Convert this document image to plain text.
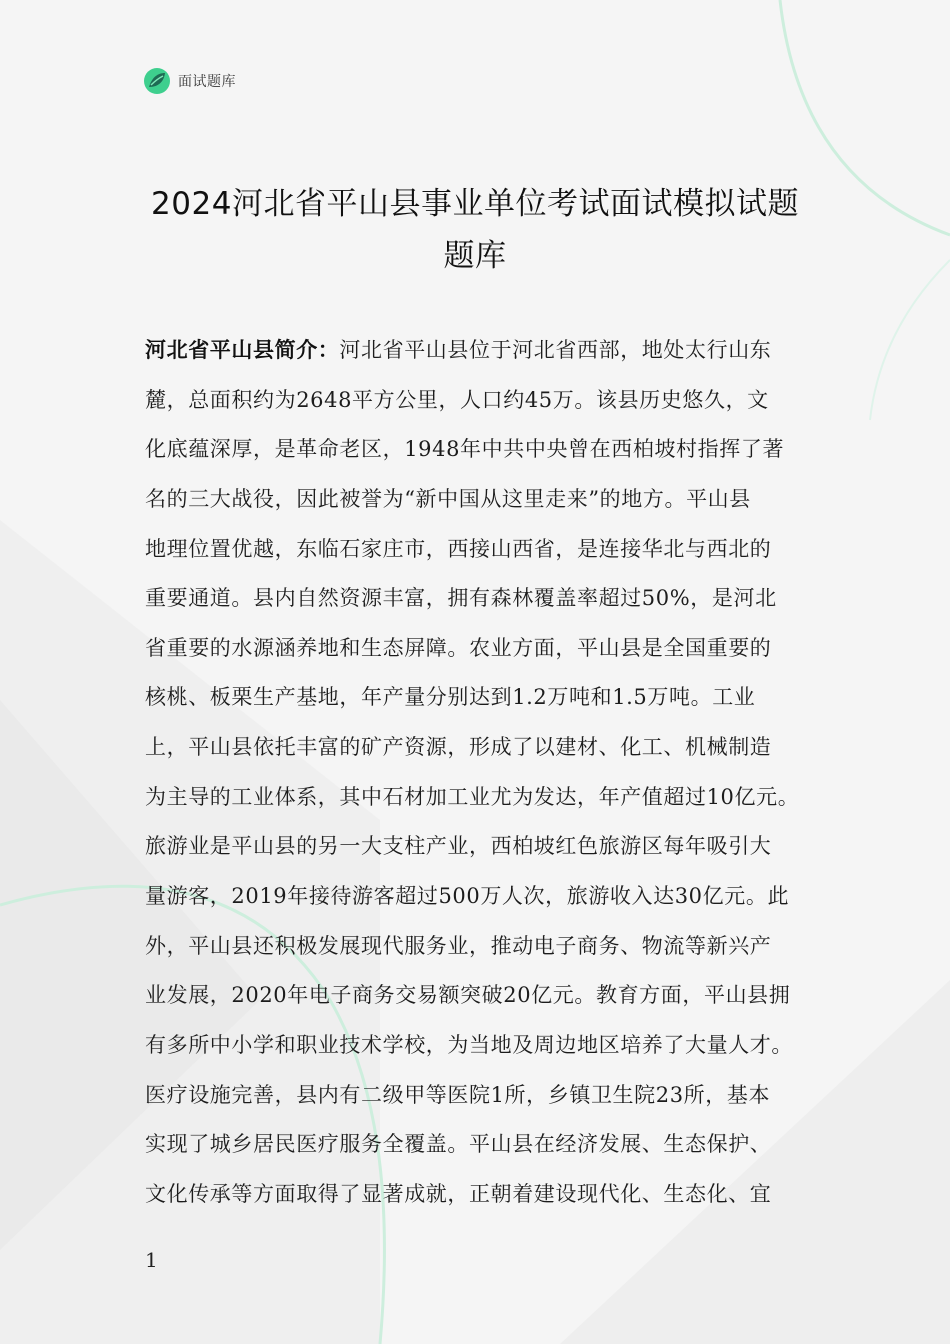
面试题库
2024河北省平山县事业单位考试面试模拟试题
题库
河北省平山县简介：河北省平山县位于河北省西部，地处太行山东
麓，总面积约为2648平方公里，人口约45万。该县历史悠久，文
化底蕴深厚，是革命老区，1948年中共中央曾在西柏坡村指挥了著
名的三大战役，因此被誉为“新中国从这里走来”的地方。平山县
地理位置优越，东临石家庄市，西接山西省，是连接华北与西北的
重要通道。县内自然资源丰富，拥有森林覆盖率超过50%，是河北
省重要的水源涵养地和生态屏障。农业方面，平山县是全国重要的
核桃、板栗生产基地，年产量分别达到1.2万吨和1.5万吨。工业
上，平山县依托丰富的矿产资源，形成了以建材、化工、机械制造
为主导的工业体系，其中石材加工业尤为发达，年产值超过10亿元。
旅游业是平山县的另一大支柱产业，西柏坡红色旅游区每年吸引大
量游客，2019年接待游客超过500万人次，旅游收入达30亿元。此
外，平山县还积极发展现代服务业，推动电子商务、物流等新兴产
业发展，2020年电子商务交易额突破20亿元。教育方面，平山县拥
有多所中小学和职业技术学校，为当地及周边地区培养了大量人才。
医疗设施完善，县内有二级甲等医院1所，乡镇卫生院23所，基本
实现了城乡居民医疗服务全覆盖。平山县在经济发展、生态保护、
文化传承等方面取得了显著成就，正朝着建设现代化、生态化、宜
1
